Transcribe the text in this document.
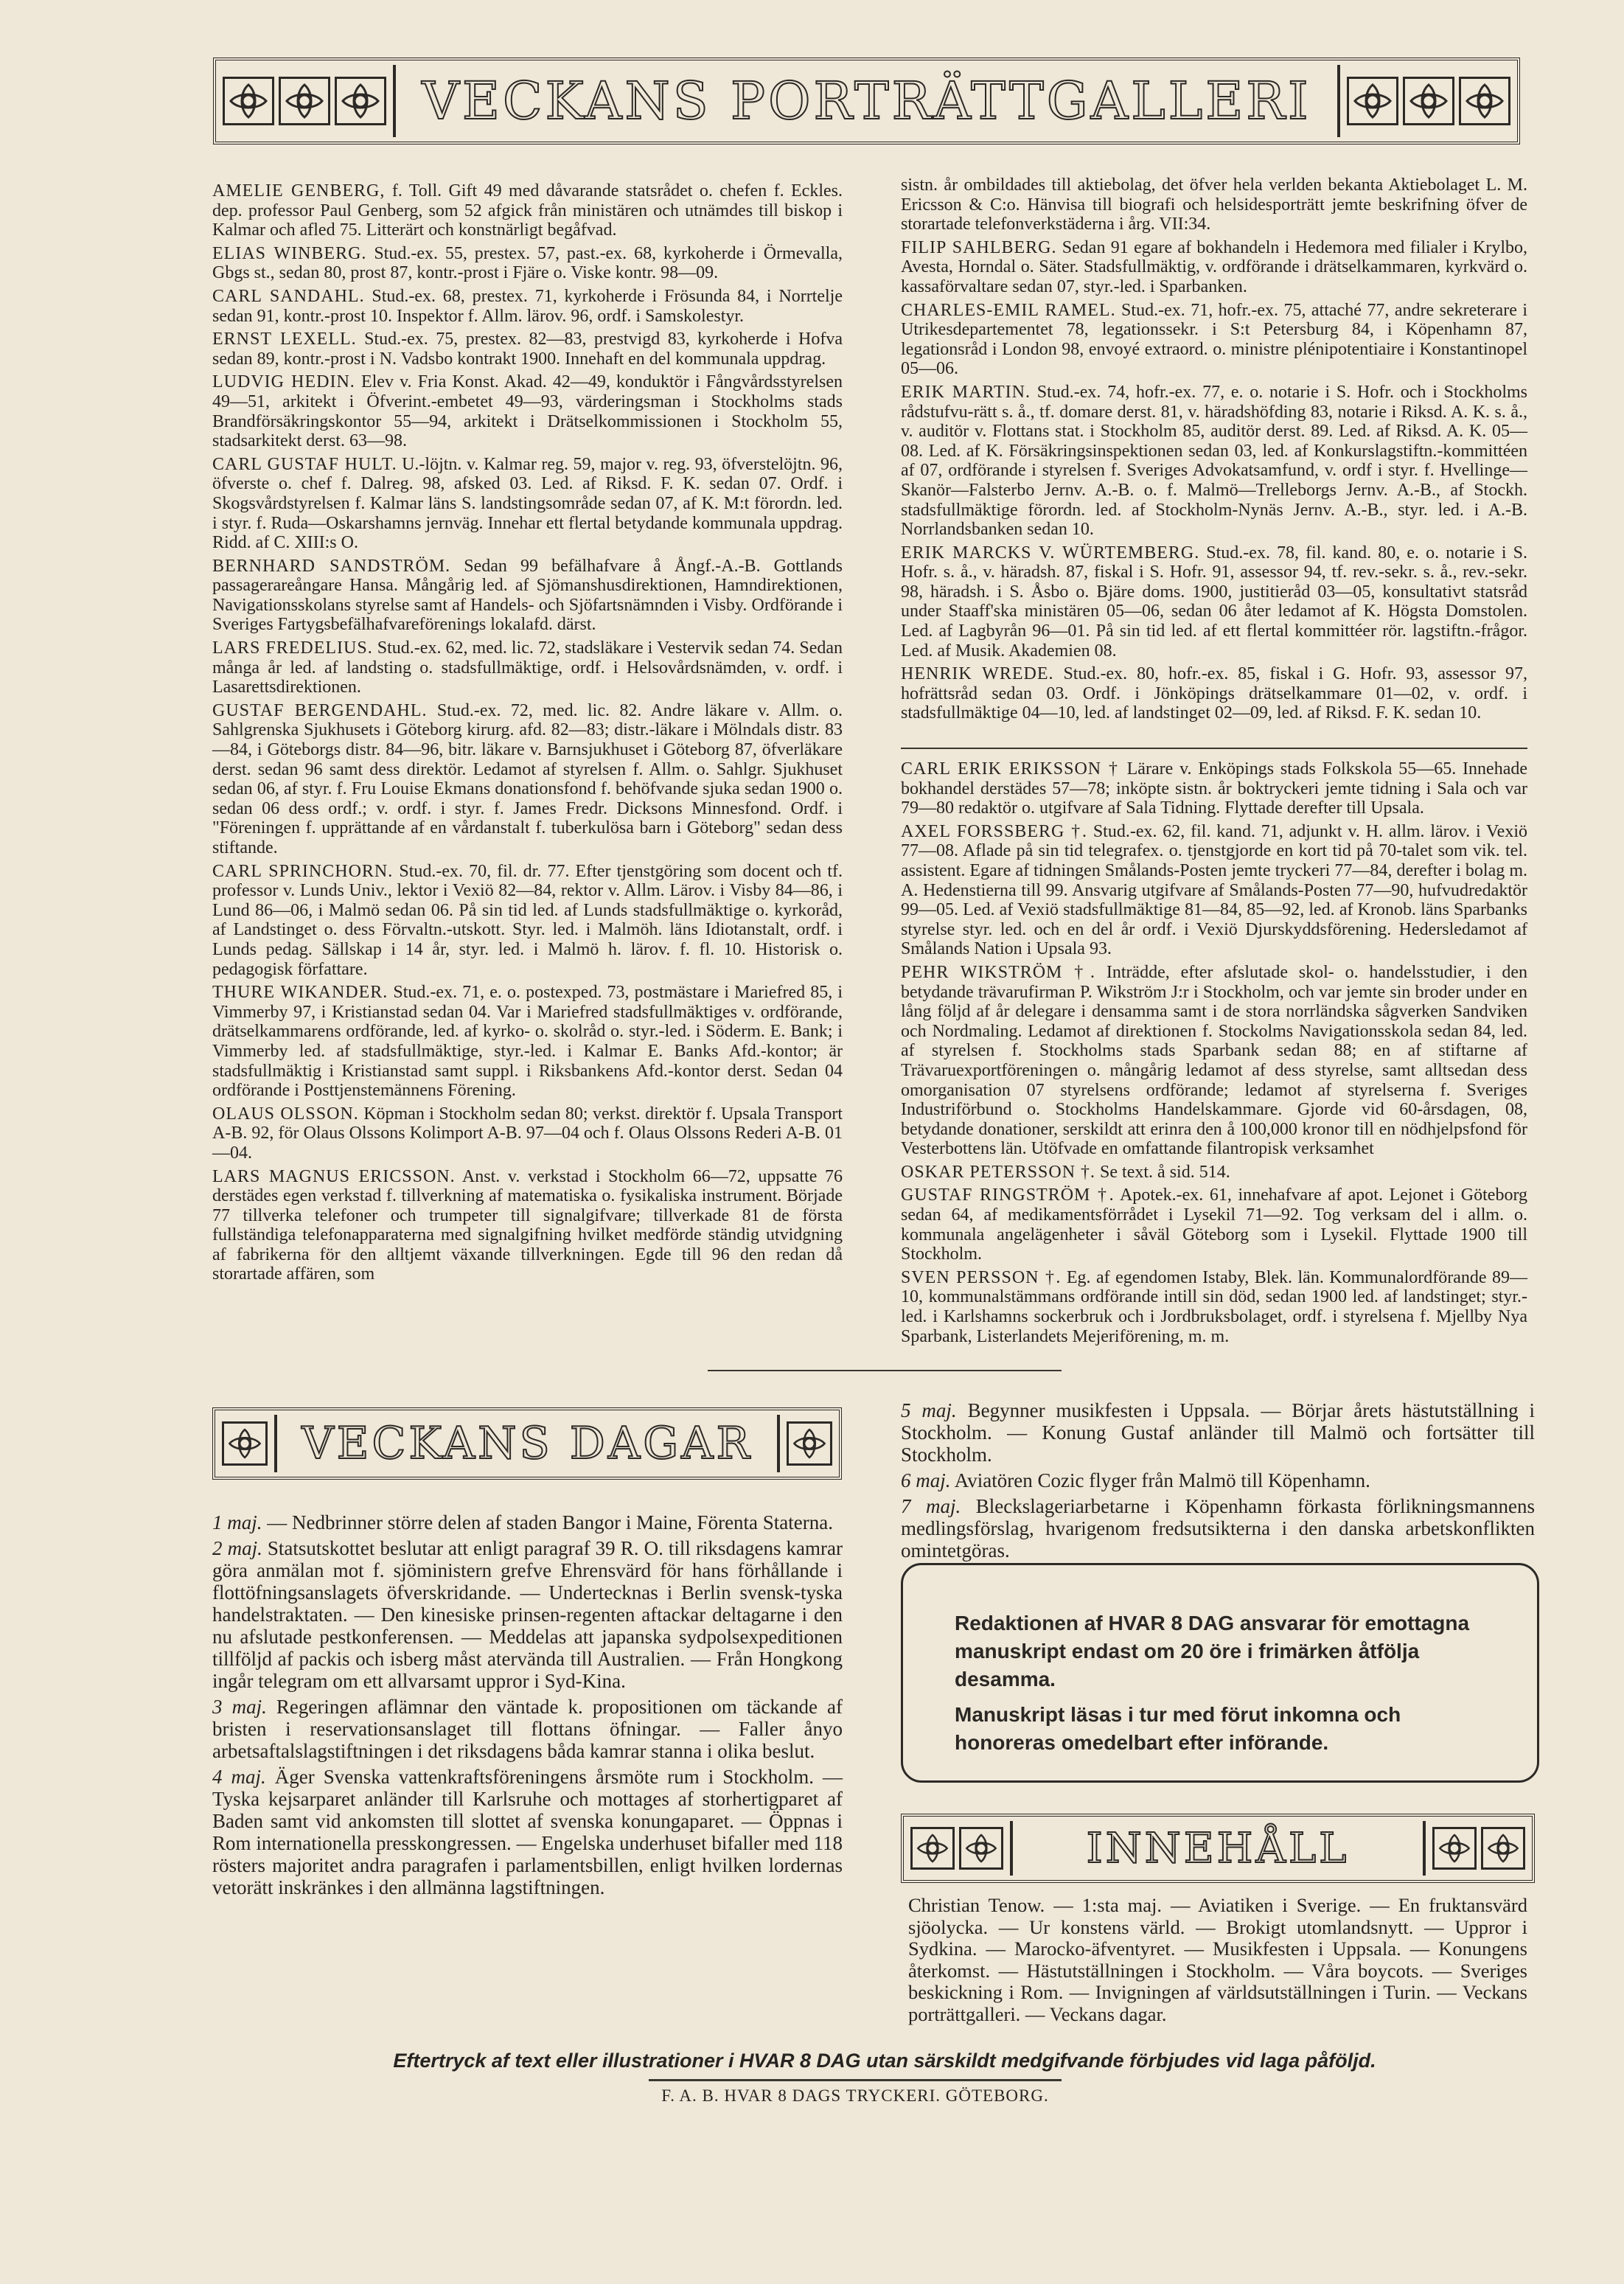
VECKANS PORTRÄTTGALLERI

AMELIE GENBERG, f. Toll. Gift 49 med dåvarande statsrådet o. chefen f. Eckles. dep. professor Paul Genberg, som 52 afgick från ministären och utnämdes till biskop i Kalmar och afled 75. Litterärt och konstnärligt begåfvad.

ELIAS WINBERG. Stud.-ex. 55, prestex. 57, past.-ex. 68, kyrkoherde i Örmevalla, Gbgs st., sedan 80, prost 87, kontr.-prost i Fjäre o. Viske kontr. 98—09.

CARL SANDAHL. Stud.-ex. 68, prestex. 71, kyrkoherde i Frösunda 84, i Norrtelje sedan 91, kontr.-prost 10. Inspektor f. Allm. lärov. 96, ordf. i Samskolestyr.

ERNST LEXELL. Stud.-ex. 75, prestex. 82—83, prestvigd 83, kyrkoherde i Hofva sedan 89, kontr.-prost i N. Vadsbo kontrakt 1900. Innehaft en del kommunala uppdrag.

LUDVIG HEDIN. Elev v. Fria Konst. Akad. 42—49, konduktör i Fångvårdsstyrelsen 49—51, arkitekt i Öfverint.-embetet 49—93, värderingsman i Stockholms stads Brandförsäkringskontor 55—94, arkitekt i Drätselkommissionen i Stockholm 55, stadsarkitekt derst. 63—98.

CARL GUSTAF HULT. U.-löjtn. v. Kalmar reg. 59, major v. reg. 93, öfverstelöjtn. 96, öfverste o. chef f. Dalreg. 98, afsked 03. Led. af Riksd. F. K. sedan 07. Ordf. i Skogsvårdstyrelsen f. Kalmar läns S. landstingsområde sedan 07, af K. M:t förordn. led. i styr. f. Ruda—Oskarshamns jernväg. Innehar ett flertal betydande kommunala uppdrag. Ridd. af C. XIII:s O.

BERNHARD SANDSTRÖM. Sedan 99 befälhafvare å Ångf.-A.-B. Gottlands passagerareångare Hansa. Mångårig led. af Sjömanshusdirektionen, Hamndirektionen, Navigationsskolans styrelse samt af Handels- och Sjöfartsnämnden i Visby. Ordförande i Sveriges Fartygsbefälhafvareförenings lokalafd. därst.

LARS FREDELIUS. Stud.-ex. 62, med. lic. 72, stadsläkare i Vestervik sedan 74. Sedan många år led. af landsting o. stadsfullmäktige, ordf. i Helsovårdsnämden, v. ordf. i Lasarettsdirektionen.

GUSTAF BERGENDAHL. Stud.-ex. 72, med. lic. 82. Andre läkare v. Allm. o. Sahlgrenska Sjukhusets i Göteborg kirurg. afd. 82—83; distr.-läkare i Mölndals distr. 83—84, i Göteborgs distr. 84—96, bitr. läkare v. Barnsjukhuset i Göteborg 87, öfverläkare derst. sedan 96 samt dess direktör. Ledamot af styrelsen f. Allm. o. Sahlgr. Sjukhuset sedan 06, af styr. f. Fru Louise Ekmans donationsfond f. behöfvande sjuka sedan 1900 o. sedan 06 dess ordf.; v. ordf. i styr. f. James Fredr. Dicksons Minnesfond. Ordf. i "Föreningen f. upprättande af en vårdanstalt f. tuberkulösa barn i Göteborg" sedan dess stiftande.

CARL SPRINCHORN. Stud.-ex. 70, fil. dr. 77. Efter tjenstgöring som docent och tf. professor v. Lunds Univ., lektor i Vexiö 82—84, rektor v. Allm. Lärov. i Visby 84—86, i Lund 86—06, i Malmö sedan 06. På sin tid led. af Lunds stadsfullmäktige o. kyrkoråd, af Landstinget o. dess Förvaltn.-utskott. Styr. led. i Malmöh. läns Idiotanstalt, ordf. i Lunds pedag. Sällskap i 14 år, styr. led. i Malmö h. lärov. f. fl. 10. Historisk o. pedagogisk författare.

THURE WIKANDER. Stud.-ex. 71, e. o. postexped. 73, postmästare i Mariefred 85, i Vimmerby 97, i Kristianstad sedan 04. Var i Mariefred stadsfullmäktiges v. ordförande, drätselkammarens ordförande, led. af kyrko- o. skolråd o. styr.-led. i Söderm. E. Bank; i Vimmerby led. af stadsfullmäktige, styr.-led. i Kalmar E. Banks Afd.-kontor; är stadsfullmäktig i Kristianstad samt suppl. i Riksbankens Afd.-kontor derst. Sedan 04 ordförande i Posttjenstemännens Förening.

OLAUS OLSSON. Köpman i Stockholm sedan 80; verkst. direktör f. Upsala Transport A-B. 92, för Olaus Olssons Kolimport A-B. 97—04 och f. Olaus Olssons Rederi A-B. 01—04.

LARS MAGNUS ERICSSON. Anst. v. verkstad i Stockholm 66—72, uppsatte 76 derstädes egen verkstad f. tillverkning af matematiska o. fysikaliska instrument. Började 77 tillverka telefoner och trumpeter till signalgifvare; tillverkade 81 de första fullständiga telefonapparaterna med signalgifning hvilket medförde ständig utvidgning af fabrikerna för den alltjemt växande tillverkningen. Egde till 96 den redan då storartade affären, som

sistn. år ombildades till aktiebolag, det öfver hela verlden bekanta Aktiebolaget L. M. Ericsson & C:o. Hänvisa till biografi och helsidesporträtt jemte beskrifning öfver de storartade telefonverkstäderna i årg. VII:34.

FILIP SAHLBERG. Sedan 91 egare af bokhandeln i Hedemora med filialer i Krylbo, Avesta, Horndal o. Säter. Stadsfullmäktig, v. ordförande i drätselkammaren, kyrkvärd o. kassaförvaltare sedan 07, styr.-led. i Sparbanken.

CHARLES-EMIL RAMEL. Stud.-ex. 71, hofr.-ex. 75, attaché 77, andre sekreterare i Utrikesdepartementet 78, legationssekr. i S:t Petersburg 84, i Köpenhamn 87, legationsråd i London 98, envoyé extraord. o. ministre plénipotentiaire i Konstantinopel 05—06.

ERIK MARTIN. Stud.-ex. 74, hofr.-ex. 77, e. o. notarie i S. Hofr. och i Stockholms rådstufvu-rätt s. å., tf. domare derst. 81, v. häradshöfding 83, notarie i Riksd. A. K. s. å., v. auditör v. Flottans stat. i Stockholm 85, auditör derst. 89. Led. af Riksd. A. K. 05—08. Led. af K. Försäkringsinspektionen sedan 03, led. af Konkurslagstiftn.-kommittéen af 07, ordförande i styrelsen f. Sveriges Advokatsamfund, v. ordf i styr. f. Hvellinge—Skanör—Falsterbo Jernv. A.-B. o. f. Malmö—Trelleborgs Jernv. A.-B., af Stockh. stadsfullmäktige förordn. led. af Stockholm-Nynäs Jernv. A.-B., styr. led. i A.-B. Norrlandsbanken sedan 10.

ERIK MARCKS V. WÜRTEMBERG. Stud.-ex. 78, fil. kand. 80, e. o. notarie i S. Hofr. s. å., v. häradsh. 87, fiskal i S. Hofr. 91, assessor 94, tf. rev.-sekr. s. å., rev.-sekr. 98, häradsh. i S. Åsbo o. Bjäre doms. 1900, justitieråd 03—05, konsultativt statsråd under Staaff'ska ministären 05—06, sedan 06 åter ledamot af K. Högsta Domstolen. Led. af Lagbyrån 96—01. På sin tid led. af ett flertal kommittéer rör. lagstiftn.-frågor. Led. af Musik. Akademien 08.

HENRIK WREDE. Stud.-ex. 80, hofr.-ex. 85, fiskal i G. Hofr. 93, assessor 97, hofrättsråd sedan 03. Ordf. i Jönköpings drätselkammare 01—02, v. ordf. i stadsfullmäktige 04—10, led. af landstinget 02—09, led. af Riksd. F. K. sedan 10.

CARL ERIK ERIKSSON † Lärare v. Enköpings stads Folkskola 55—65. Innehade bokhandel derstädes 57—78; inköpte sistn. år boktryckeri jemte tidning i Sala och var 79—80 redaktör o. utgifvare af Sala Tidning. Flyttade derefter till Upsala.

AXEL FORSSBERG †. Stud.-ex. 62, fil. kand. 71, adjunkt v. H. allm. lärov. i Vexiö 77—08. Aflade på sin tid telegrafex. o. tjenstgjorde en kort tid på 70-talet som vik. tel. assistent. Egare af tidningen Smålands-Posten jemte tryckeri 77—84, derefter i bolag m. A. Hedenstierna till 99. Ansvarig utgifvare af Smålands-Posten 77—90, hufvudredaktör 99—05. Led. af Vexiö stadsfullmäktige 81—84, 85—92, led. af Kronob. läns Sparbanks styrelse styr. led. och en del år ordf. i Vexiö Djurskyddsförening. Hedersledamot af Smålands Nation i Upsala 93.

PEHR WIKSTRÖM †. Inträdde, efter afslutade skol- o. handelsstudier, i den betydande trävarufirman P. Wikström J:r i Stockholm, och var jemte sin broder under en lång följd af år delegare i densamma samt i de stora norrländska sågverken Sandviken och Nordmaling. Ledamot af direktionen f. Stockolms Navigationsskola sedan 84, led. af styrelsen f. Stockholms stads Sparbank sedan 88; en af stiftarne af Trävaruexportföreningen o. mångårig ledamot af dess styrelse, samt alltsedan dess omorganisation 07 styrelsens ordförande; ledamot af styrelserna f. Sveriges Industriförbund o. Stockholms Handelskammare. Gjorde vid 60-årsdagen, 08, betydande donationer, serskildt att erinra den å 100,000 kronor till en nödhjelpsfond för Vesterbottens län. Utöfvade en omfattande filantropisk verksamhet

OSKAR PETERSSON †. Se text. å sid. 514.

GUSTAF RINGSTRÖM †. Apotek.-ex. 61, innehafvare af apot. Lejonet i Göteborg sedan 64, af medikamentsförrådet i Lysekil 71—92. Tog verksam del i allm. o. kommunala angelägenheter i såväl Göteborg som i Lysekil. Flyttade 1900 till Stockholm.

SVEN PERSSON †. Eg. af egendomen Istaby, Blek. län. Kommunalordförande 89—10, kommunalstämmans ordförande intill sin död, sedan 1900 led. af landstinget; styr.-led. i Karlshamns sockerbruk och i Jordbruksbolaget, ordf. i styrelsena f. Mjellby Nya Sparbank, Listerlandets Mejeriförening, m. m.

VECKANS DAGAR

1 maj. — Nedbrinner större delen af staden Bangor i Maine, Förenta Staterna.

2 maj. Statsutskottet beslutar att enligt paragraf 39 R. O. till riksdagens kamrar göra anmälan mot f. sjöministern grefve Ehrensvärd för hans förhållande i flottöfningsanslagets öfverskridande. — Undertecknas i Berlin svensk-tyska handelstraktaten. — Den kinesiske prinsen-regenten aftackar deltagarne i den nu afslutade pestkonferensen. — Meddelas att japanska sydpolsexpeditionen tillföljd af packis och isberg måst atervända till Australien. — Från Hongkong ingår telegram om ett allvarsamt uppror i Syd-Kina.

3 maj. Regeringen aflämnar den väntade k. propositionen om täckande af bristen i reservationsanslaget till flottans öfningar. — Faller ånyo arbetsaftalslagstiftningen i det riksdagens båda kamrar stanna i olika beslut.

4 maj. Äger Svenska vattenkraftsföreningens årsmöte rum i Stockholm. — Tyska kejsarparet anländer till Karlsruhe och mottages af storhertigparet af Baden samt vid ankomsten till slottet af svenska konungaparet. — Öppnas i Rom internationella presskongressen. — Engelska underhuset bifaller med 118 rösters majoritet andra paragrafen i parlamentsbillen, enligt hvilken lordernas vetorätt inskränkes i den allmänna lagstiftningen.

5 maj. Begynner musikfesten i Uppsala. — Börjar årets hästutställning i Stockholm. — Konung Gustaf anländer till Malmö och fortsätter till Stockholm.

6 maj. Aviatören Cozic flyger från Malmö till Köpenhamn.

7 maj. Bleckslageriarbetarne i Köpenhamn förkasta förlikningsmannens medlingsförslag, hvarigenom fredsutsikterna i den danska arbetskonflikten omintetgöras.

Redaktionen af HVAR 8 DAG ansvarar för emottagna manuskript endast om 20 öre i frimärken åtfölja desamma.

Manuskript läsas i tur med förut inkomna och honoreras omedelbart efter införande.

INNEHÅLL

Christian Tenow. — 1:sta maj. — Aviatiken i Sverige. — En fruktansvärd sjöolycka. — Ur konstens värld. — Brokigt utomlandsnytt. — Uppror i Sydkina. — Marocko-äfventyret. — Musikfesten i Uppsala. — Konungens återkomst. — Hästutställningen i Stockholm. — Våra boycots. — Sveriges beskickning i Rom. — Invigningen af världsutställningen i Turin. — Veckans porträttgalleri. — Veckans dagar.

Eftertryck af text eller illustrationer i HVAR 8 DAG utan särskildt medgifvande förbjudes vid laga påföljd.
F. A. B. HVAR 8 DAGS TRYCKERI. GÖTEBORG.
